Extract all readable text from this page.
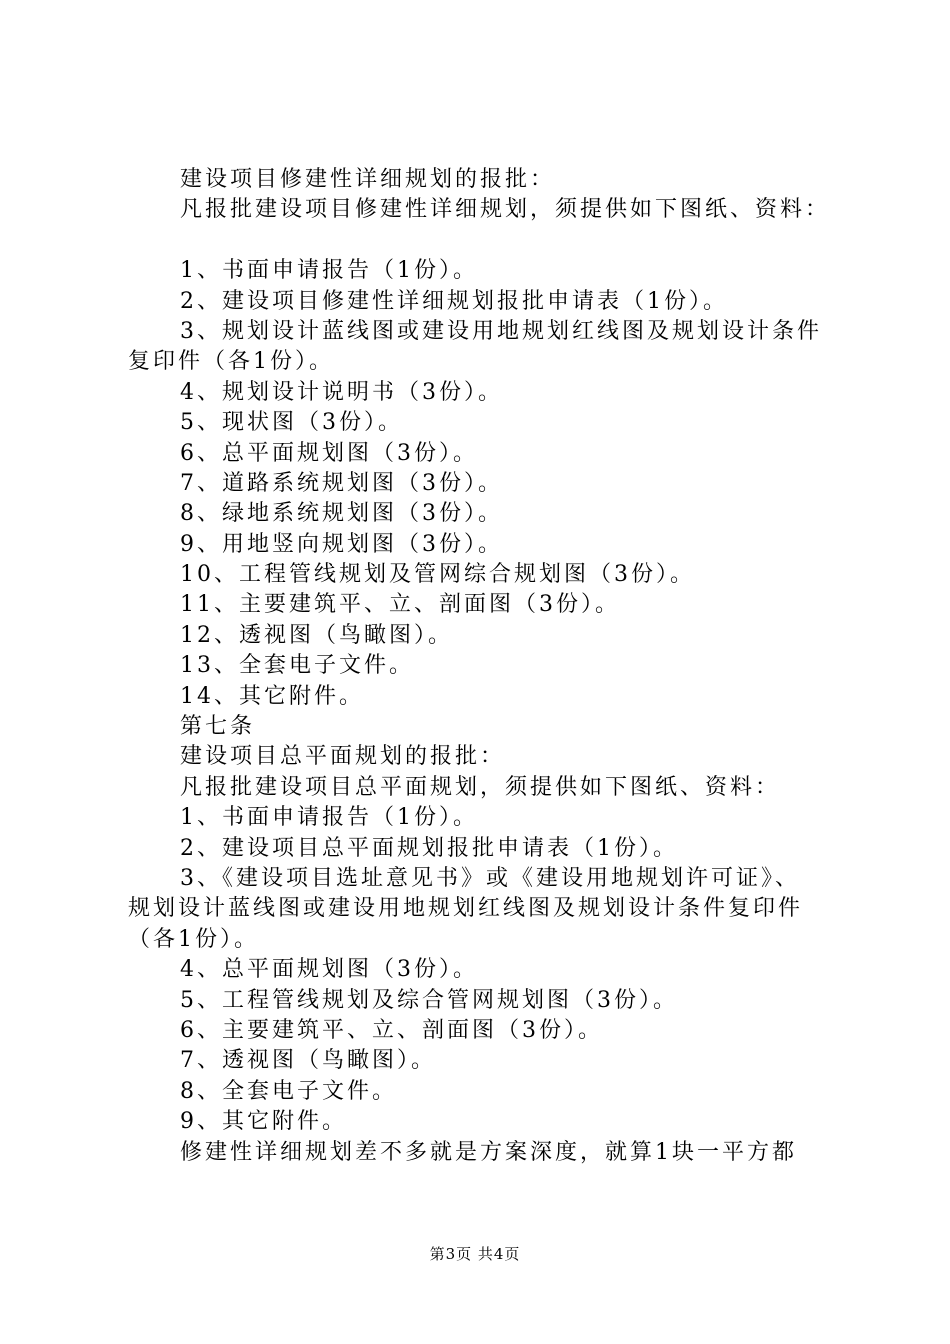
建设项目修建性详细规划的报批：
凡报批建设项目修建性详细规划，须提供如下图纸、资料：
1、书面申请报告（1份）。
2、建设项目修建性详细规划报批申请表（1份）。
3、规划设计蓝线图或建设用地规划红线图及规划设计条件
复印件（各1份）。
4、规划设计说明书（3份）。
5、现状图（3份）。
6、总平面规划图（3份）。
7、道路系统规划图（3份）。
8、绿地系统规划图（3份）。
9、用地竖向规划图（3份）。
10、工程管线规划及管网综合规划图（3份）。
11、主要建筑平、立、剖面图（3份）。
12、透视图（鸟瞰图）。
13、全套电子文件。
14、其它附件。
第七条
建设项目总平面规划的报批：
凡报批建设项目总平面规划，须提供如下图纸、资料：
1、书面申请报告（1份）。
2、建设项目总平面规划报批申请表（1份）。
3、《建设项目选址意见书》或《建设用地规划许可证》、
规划设计蓝线图或建设用地规划红线图及规划设计条件复印件
（各1份）。
4、总平面规划图（3份）。
5、工程管线规划及综合管网规划图（3份）。
6、主要建筑平、立、剖面图（3份）。
7、透视图（鸟瞰图）。
8、全套电子文件。
9、其它附件。
修建性详细规划差不多就是方案深度，就算1块一平方都
第3页 共4页
